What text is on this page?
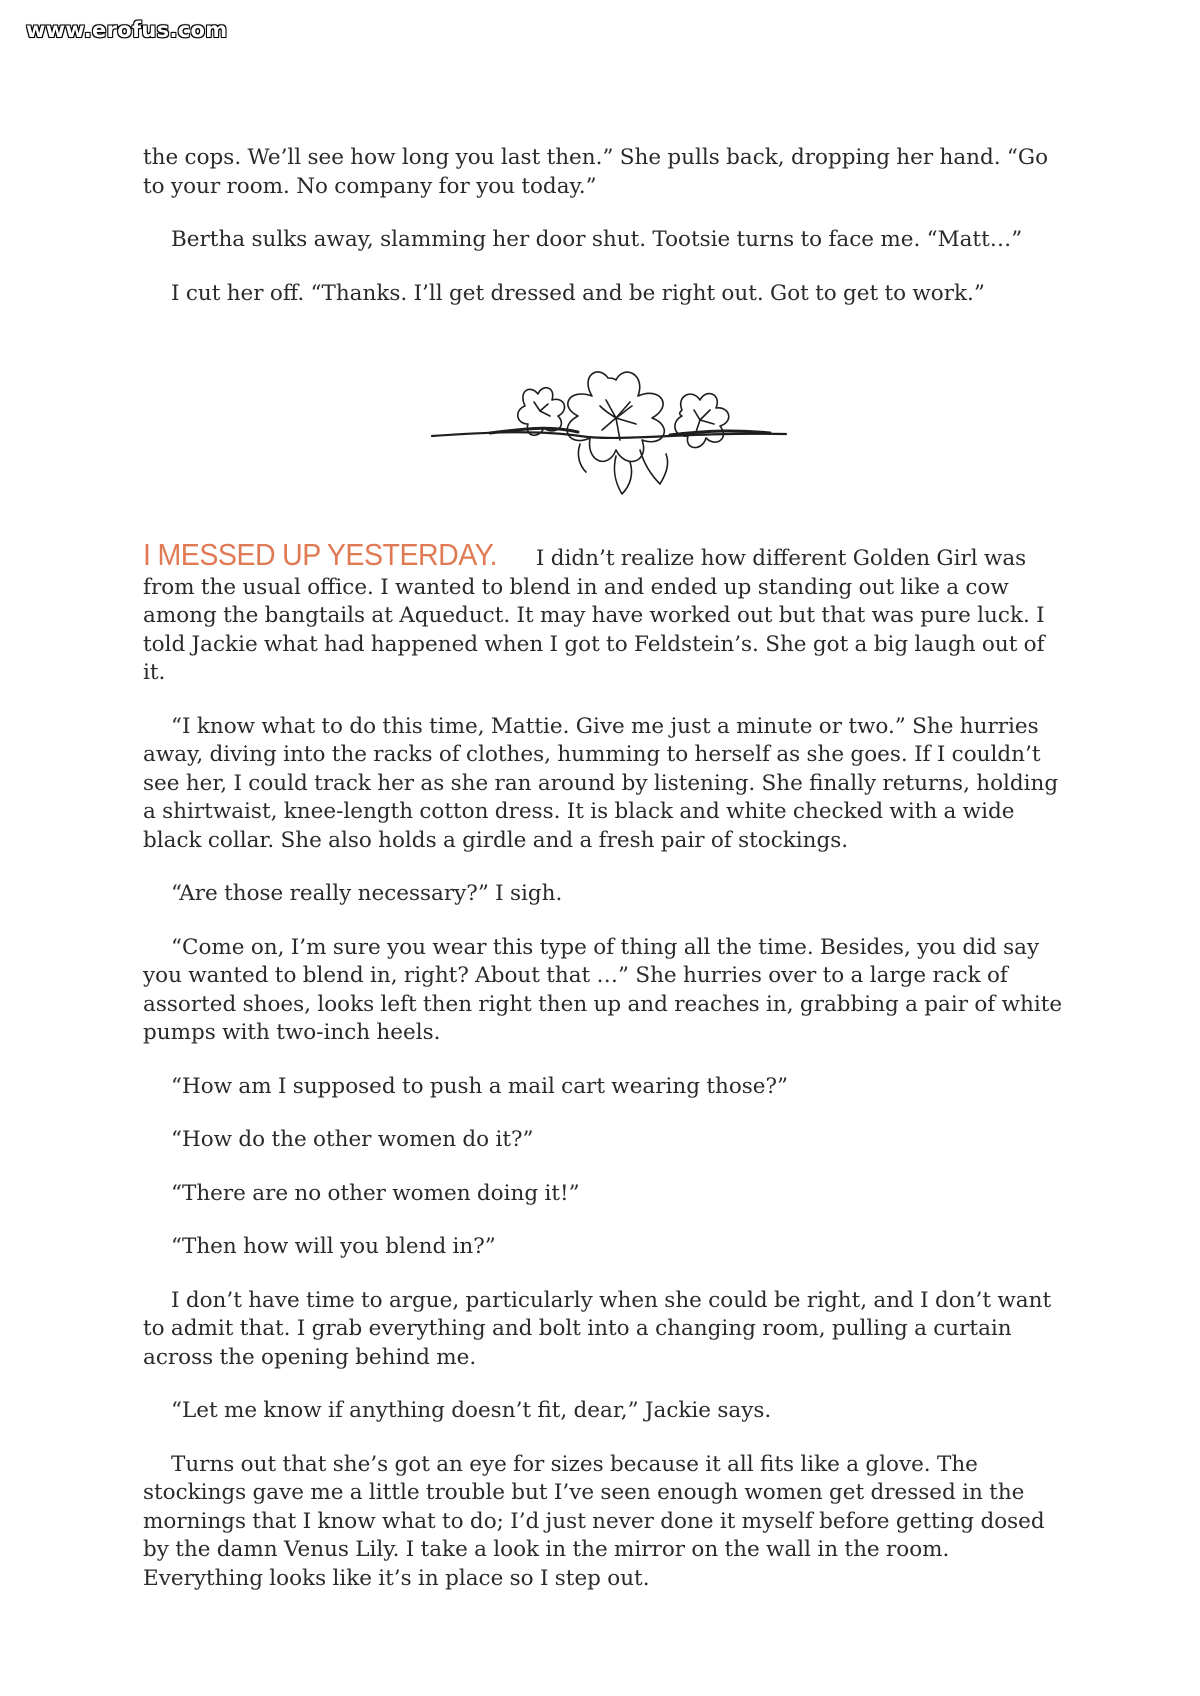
www.erofus.com

the cops. We’ll see how long you last then.” She pulls back, dropping her hand. “Go to your room. No company for you today.”

Bertha sulks away, slamming her door shut. Tootsie turns to face me. “Matt…”

I cut her off. “Thanks. I’ll get dressed and be right out. Got to get to work.”

I MESSED UP YESTERDAY. I didn’t realize how different Golden Girl was from the usual office. I wanted to blend in and ended up standing out like a cow among the bangtails at Aqueduct. It may have worked out but that was pure luck. I told Jackie what had happened when I got to Feldstein’s. She got a big laugh out of it.

“I know what to do this time, Mattie. Give me just a minute or two.” She hurries away, diving into the racks of clothes, humming to herself as she goes. If I couldn’t see her, I could track her as she ran around by listening. She finally returns, holding a shirtwaist, knee-length cotton dress. It is black and white checked with a wide black collar. She also holds a girdle and a fresh pair of stockings.

“Are those really necessary?” I sigh.

“Come on, I’m sure you wear this type of thing all the time. Besides, you did say you wanted to blend in, right? About that …” She hurries over to a large rack of assorted shoes, looks left then right then up and reaches in, grabbing a pair of white pumps with two-inch heels.

“How am I supposed to push a mail cart wearing those?”

“How do the other women do it?”

“There are no other women doing it!”

“Then how will you blend in?”

I don’t have time to argue, particularly when she could be right, and I don’t want to admit that. I grab everything and bolt into a changing room, pulling a curtain across the opening behind me.

“Let me know if anything doesn’t fit, dear,” Jackie says.

Turns out that she’s got an eye for sizes because it all fits like a glove. The stockings gave me a little trouble but I’ve seen enough women get dressed in the mornings that I know what to do; I’d just never done it myself before getting dosed by the damn Venus Lily. I take a look in the mirror on the wall in the room. Everything looks like it’s in place so I step out.
